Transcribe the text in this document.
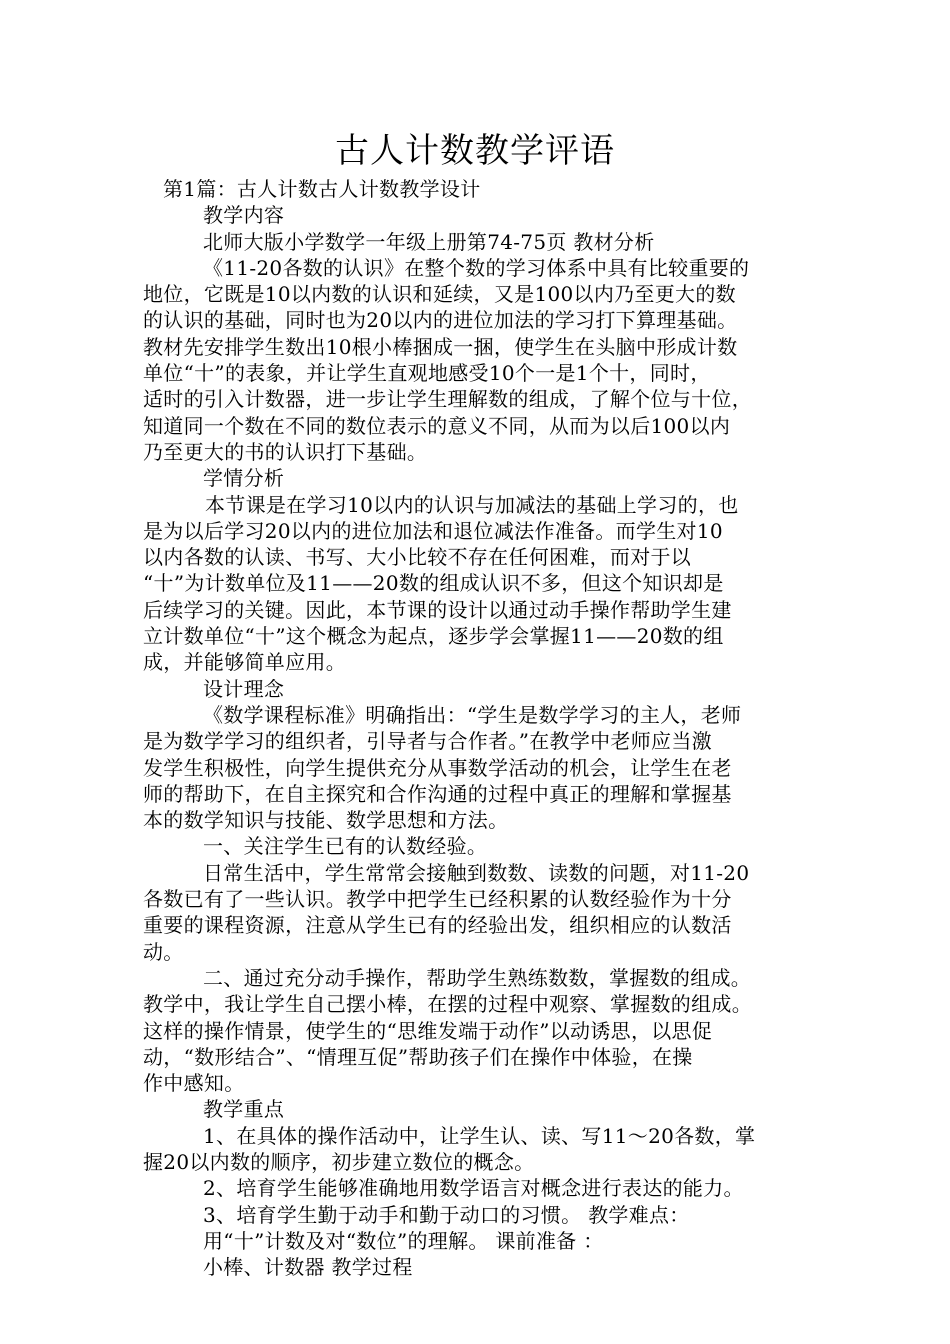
古人计数教学评语
第1篇：古人计数古人计数教学设计
教学内容
北师大版小学数学一年级上册第74-75页 教材分析
《11-20各数的认识》在整个数的学习体系中具有比较重要的
地位，它既是10以内数的认识和延续，又是100以内乃至更大的数
的认识的基础，同时也为20以内的进位加法的学习打下算理基础。
教材先安排学生数出10根小棒捆成一捆，使学生在头脑中形成计数
单位“十”的表象，并让学生直观地感受10个一是1个十，同时，
适时的引入计数器，进一步让学生理解数的组成，了解个位与十位，
知道同一个数在不同的数位表示的意义不同，从而为以后100以内
乃至更大的书的认识打下基础。
学情分析
本节课是在学习10以内的认识与加减法的基础上学习的，也
是为以后学习20以内的进位加法和退位减法作准备。而学生对10
以内各数的认读、书写、大小比较不存在任何困难，而对于以
“十”为计数单位及11——20数的组成认识不多，但这个知识却是
后续学习的关键。因此，本节课的设计以通过动手操作帮助学生建
立计数单位“十”这个概念为起点，逐步学会掌握11——20数的组
成，并能够简单应用。
设计理念
《数学课程标准》明确指出：“学生是数学学习的主人，老师
是为数学学习的组织者，引导者与合作者。”在教学中老师应当激
发学生积极性，向学生提供充分从事数学活动的机会，让学生在老
师的帮助下，在自主探究和合作沟通的过程中真正的理解和掌握基
本的数学知识与技能、数学思想和方法。
一、关注学生已有的认数经验。
日常生活中，学生常常会接触到数数、读数的问题，对11-20
各数已有了一些认识。教学中把学生已经积累的认数经验作为十分
重要的课程资源，注意从学生已有的经验出发，组织相应的认数活
动。
二、通过充分动手操作，帮助学生熟练数数，掌握数的组成。
教学中，我让学生自己摆小棒，在摆的过程中观察、掌握数的组成。
这样的操作情景，使学生的“思维发端于动作”以动诱思，以思促
动，“数形结合”、“情理互促”帮助孩子们在操作中体验，在操
作中感知。
教学重点
1、在具体的操作活动中，让学生认、读、写11～20各数，掌
握20以内数的顺序，初步建立数位的概念。
2、培育学生能够准确地用数学语言对概念进行表达的能力。
3、培育学生勤于动手和勤于动口的习惯。 教学难点：
用“十”计数及对“数位”的理解。 课前准备 ：
小棒、计数器 教学过程
